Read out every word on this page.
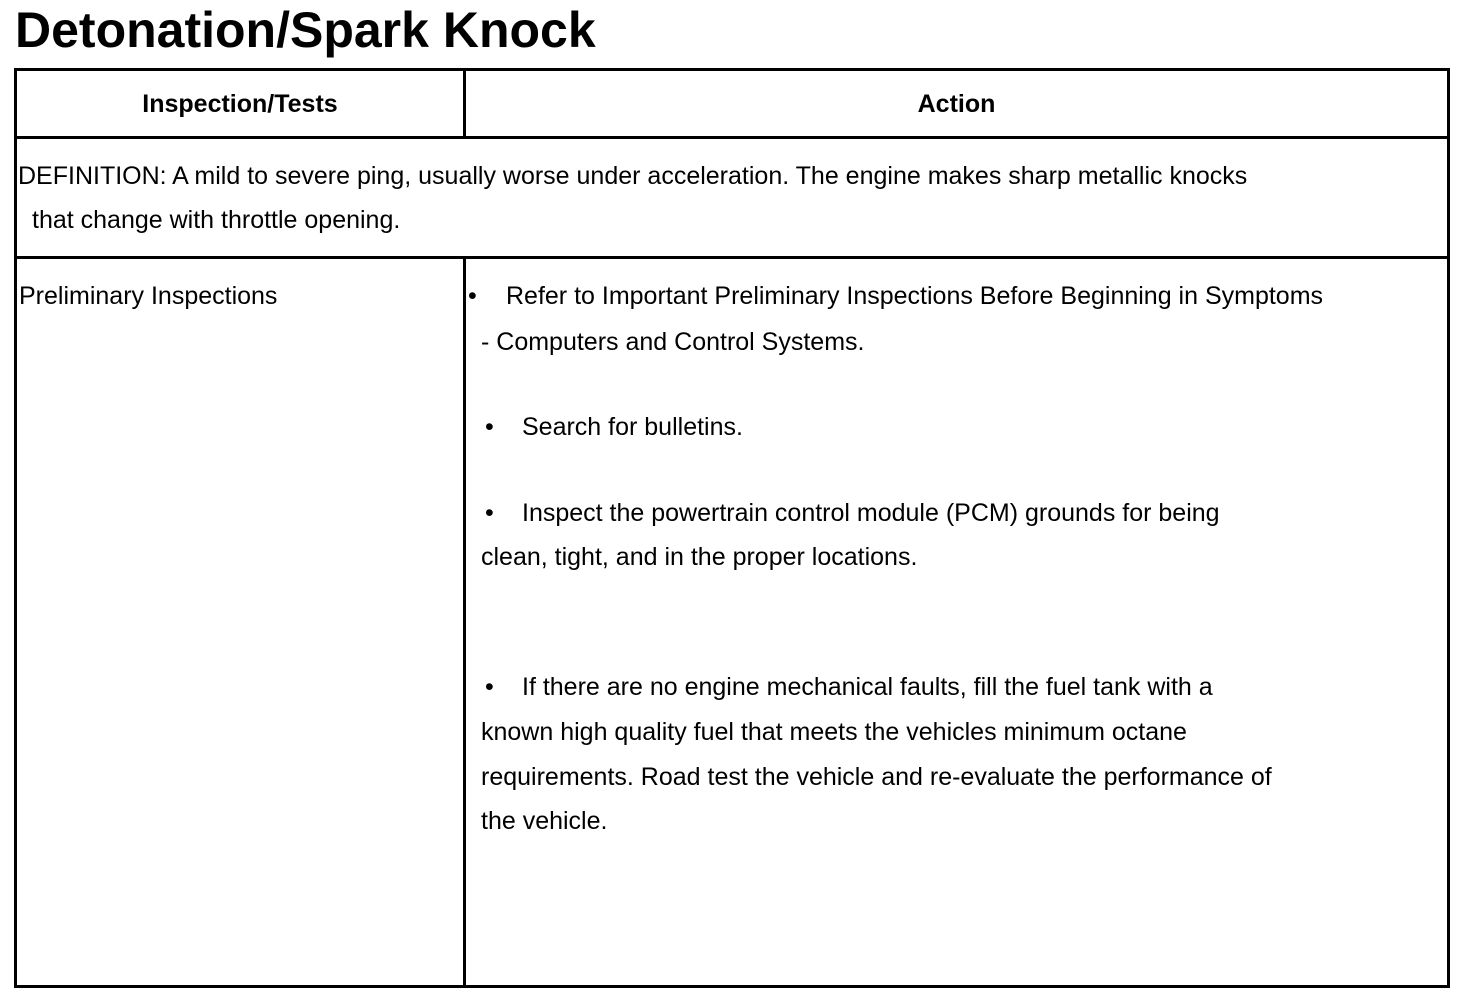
Detonation/Spark Knock
Inspection/Tests	Action
DEFINITION: A mild to severe ping, usually worse under acceleration. The engine makes sharp metallic knocks
that change with throttle opening.
Preliminary Inspections	• Refer to Important Preliminary Inspections Before Beginning in Symptoms
- Computers and Control Systems.
• Search for bulletins.
• Inspect the powertrain control module (PCM) grounds for being
clean, tight, and in the proper locations.
• If there are no engine mechanical faults, fill the fuel tank with a
known high quality fuel that meets the vehicles minimum octane
requirements. Road test the vehicle and re-evaluate the performance of
the vehicle.
